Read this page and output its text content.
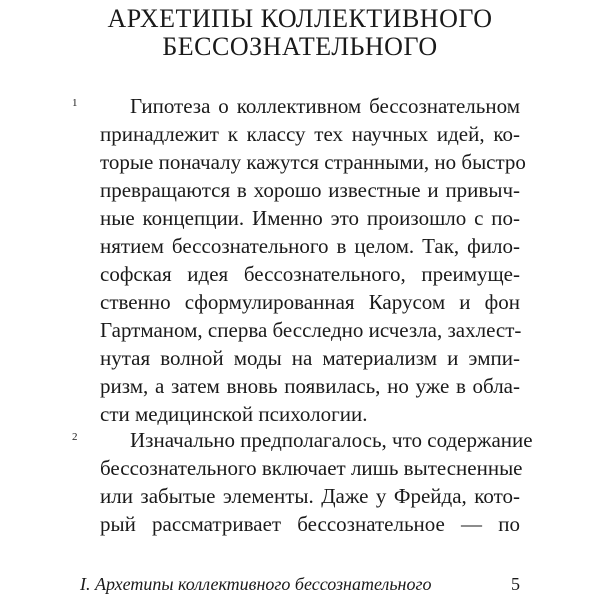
АРХЕТИПЫ КОЛЛЕКТИВНОГО
БЕССОЗНАТЕЛЬНОГО
1	Гипотеза о коллективном бессознательном
принадлежит к классу тех научных идей, ко-
торые поначалу кажутся странными, но быстро
превращаются в хорошо известные и привыч-
ные концепции. Именно это произошло с по-
нятием бессознательного в целом. Так, фило-
софская идея бессознательного, преимуще-
ственно сформулированная Карусом и фон
Гартманом, сперва бесследно исчезла, захлест-
нутая волной моды на материализм и эмпи-
ризм, а затем вновь появилась, но уже в обла-
сти медицинской психологии.
2	Изначально предполагалось, что содержание
бессознательного включает лишь вытесненные
или забытые элементы. Даже у Фрейда, кото-
рый рассматривает бессознательное — по
I. Архетипы коллективного бессознательного	5
